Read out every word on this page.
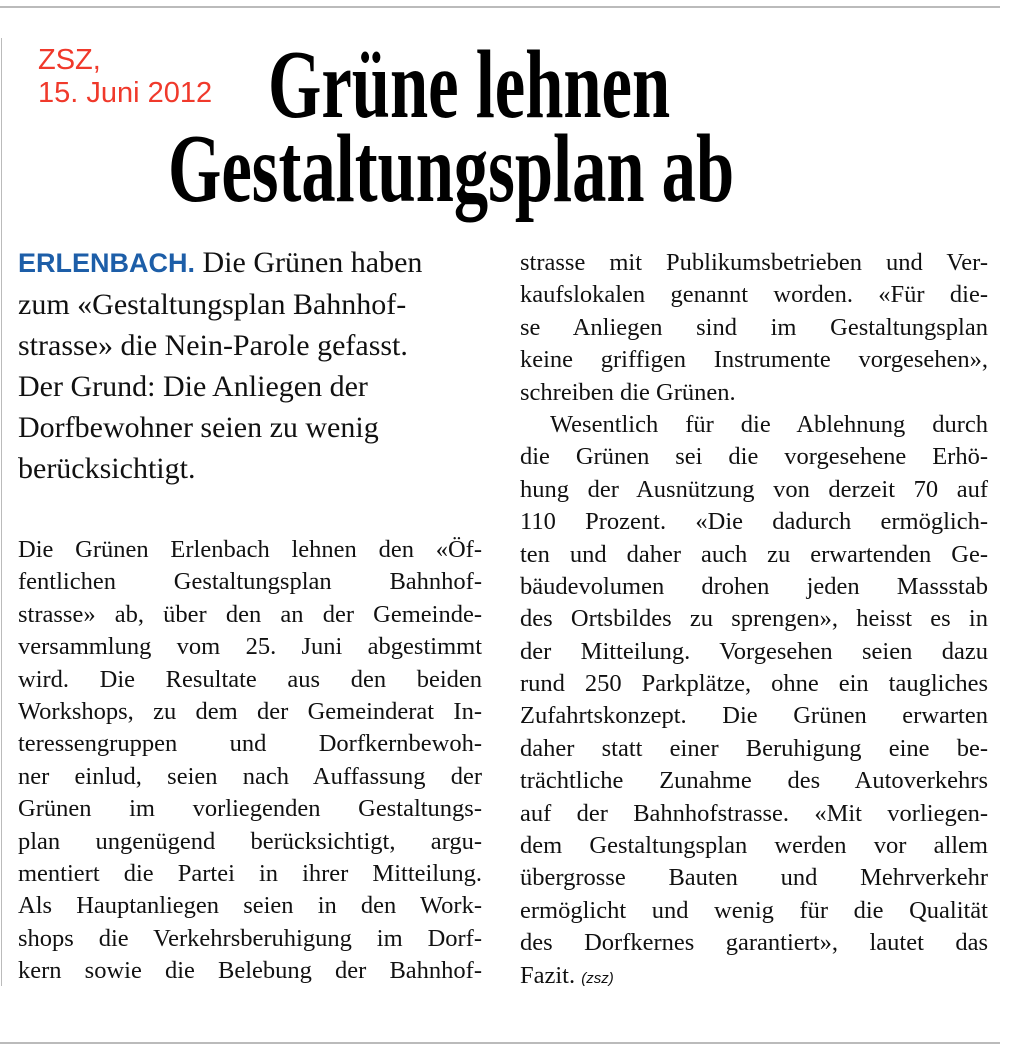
ZSZ,
15. Juni 2012 Grüne lehnen
Gestaltungsplan ab
ERLENBACH. Die Grünen haben
zum «Gestaltungsplan Bahnhof-
strasse» die Nein-Parole gefasst.
Der Grund: Die Anliegen der
Dorfbewohner seien zu wenig
berücksichtigt.
Die Grünen Erlenbach lehnen den «Öf-
fentlichen Gestaltungsplan Bahnhof-
strasse» ab, über den an der Gemeinde-
versammlung vom 25. Juni abgestimmt
wird. Die Resultate aus den beiden
Workshops, zu dem der Gemeinderat In-
teressengruppen und Dorfkernbewoh-
ner einlud, seien nach Auffassung der
Grünen im vorliegenden Gestaltungs-
plan ungenügend berücksichtigt, argu-
mentiert die Partei in ihrer Mitteilung.
Als Hauptanliegen seien in den Work-
shops die Verkehrsberuhigung im Dorf-
kern sowie die Belebung der Bahnhof-
strasse mit Publikumsbetrieben und Ver-
kaufslokalen genannt worden. «Für die-
se Anliegen sind im Gestaltungsplan
keine griffigen Instrumente vorgesehen»,
schreiben die Grünen.
Wesentlich für die Ablehnung durch
die Grünen sei die vorgesehene Erhö-
hung der Ausnützung von derzeit 70 auf
110 Prozent. «Die dadurch ermöglich-
ten und daher auch zu erwartenden Ge-
bäudevolumen drohen jeden Massstab
des Ortsbildes zu sprengen», heisst es in
der Mitteilung. Vorgesehen seien dazu
rund 250 Parkplätze, ohne ein taugliches
Zufahrtskonzept. Die Grünen erwarten
daher statt einer Beruhigung eine be-
trächtliche Zunahme des Autoverkehrs
auf der Bahnhofstrasse. «Mit vorliegen-
dem Gestaltungsplan werden vor allem
übergrosse Bauten und Mehrverkehr
ermöglicht und wenig für die Qualität
des Dorfkernes garantiert», lautet das
Fazit. (zsz)
